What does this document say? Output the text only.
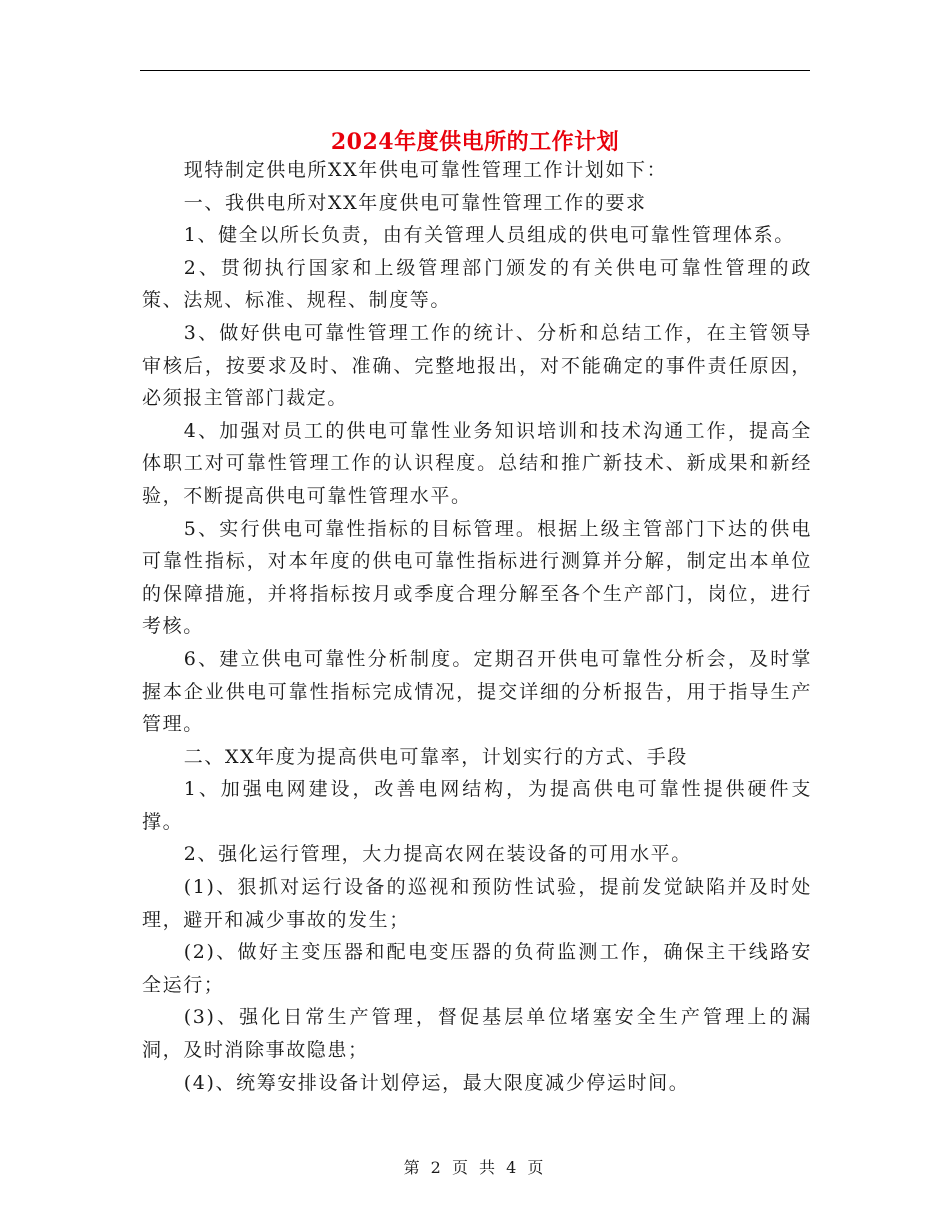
2024年度供电所的工作计划

现特制定供电所XX年供电可靠性管理工作计划如下：

一、我供电所对XX年度供电可靠性管理工作的要求

1、健全以所长负责，由有关管理人员组成的供电可靠性管理体系。

2、贯彻执行国家和上级管理部门颁发的有关供电可靠性管理的政策、法规、标准、规程、制度等。

3、做好供电可靠性管理工作的统计、分析和总结工作，在主管领导审核后，按要求及时、准确、完整地报出，对不能确定的事件责任原因，必须报主管部门裁定。

4、加强对员工的供电可靠性业务知识培训和技术沟通工作，提高全体职工对可靠性管理工作的认识程度。总结和推广新技术、新成果和新经验，不断提高供电可靠性管理水平。

5、实行供电可靠性指标的目标管理。根据上级主管部门下达的供电可靠性指标，对本年度的供电可靠性指标进行测算并分解，制定出本单位的保障措施，并将指标按月或季度合理分解至各个生产部门，岗位，进行考核。

6、建立供电可靠性分析制度。定期召开供电可靠性分析会，及时掌握本企业供电可靠性指标完成情况，提交详细的分析报告，用于指导生产管理。

二、XX年度为提高供电可靠率，计划实行的方式、手段

1、加强电网建设，改善电网结构，为提高供电可靠性提供硬件支撑。

2、强化运行管理，大力提高农网在装设备的可用水平。

(1)、狠抓对运行设备的巡视和预防性试验，提前发觉缺陷并及时处理，避开和减少事故的发生；

(2)、做好主变压器和配电变压器的负荷监测工作，确保主干线路安全运行；

(3)、强化日常生产管理，督促基层单位堵塞安全生产管理上的漏洞，及时消除事故隐患；

(4)、统筹安排设备计划停运，最大限度减少停运时间。

第 2 页 共 4 页
